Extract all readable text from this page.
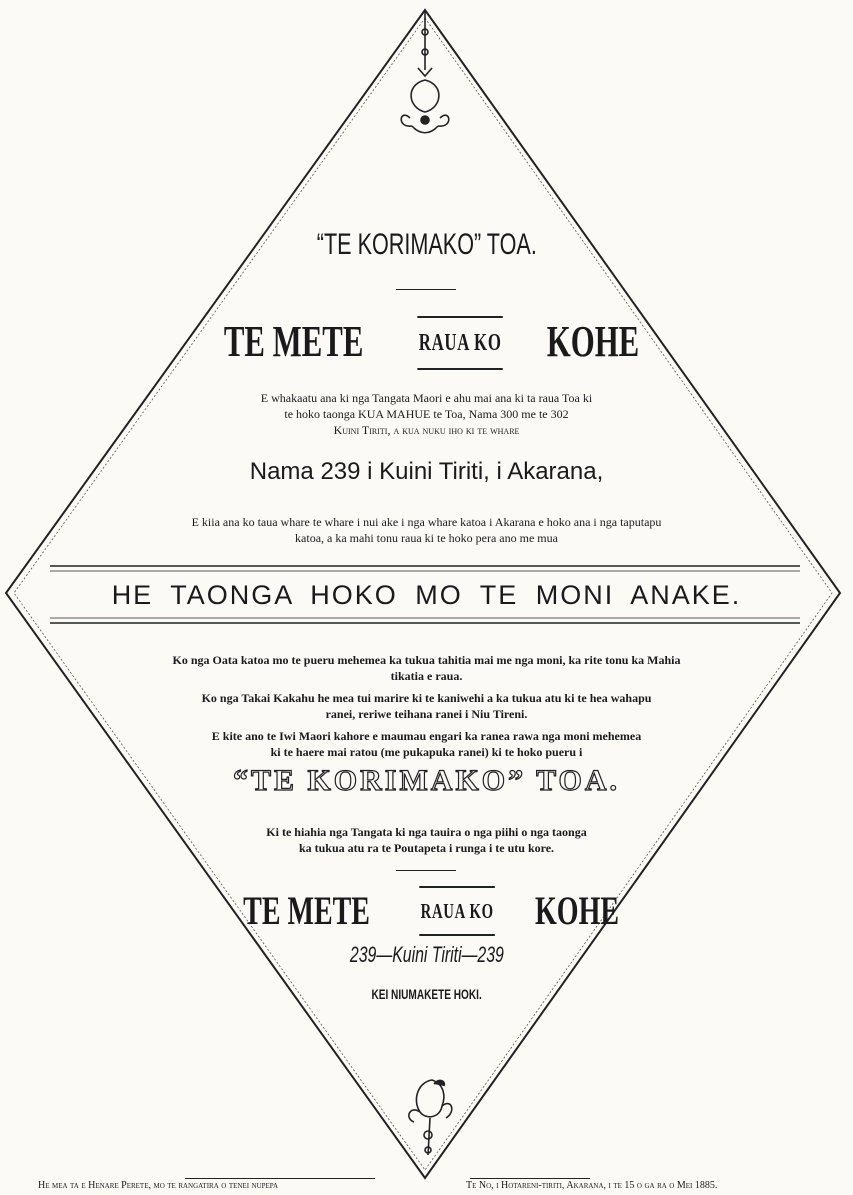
“TE KORIMAKO” TOA.
TE METE RAUA KO KOHE
E whakaatu ana ki nga Tangata Maori e ahu mai ana ki ta raua Toa ki
te hoko taonga KUA MAHUE te Toa, Nama 300 me te 302
Kuini Tiriti, a kua nuku iho ki te whare
Nama 239 i Kuini Tiriti, i Akarana,
E kiia ana ko taua whare te whare i nui ake i nga whare katoa i Akarana e hoko ana i nga taputapu
katoa, a ka mahi tonu raua ki te hoko pera ano me mua
HE TAONGA HOKO MO TE MONI ANAKE.
Ko nga Oata katoa mo te pueru mehemea ka tukua tahitia mai me nga moni, ka rite tonu ka Mahia
tikatia e raua.
Ko nga Takai Kakahu he mea tui marire ki te kaniwehi a ka tukua atu ki te hea wahapu
ranei, reriwe teihana ranei i Niu Tireni.
E kite ano te Iwi Maori kahore e maumau engari ka ranea rawa nga moni mehemea
ki te haere mai ratou (me pukapuka ranei) ki te hoko pueru i
“TE KORIMAKO” TOA.
Ki te hiahia nga Tangata ki nga tauira o nga piihi o nga taonga
ka tukua atu ra te Poutapeta i runga i te utu kore.
TE METE RAUA KO KOHE
239—Kuini Tiriti—239
KEI NIUMAKETE HOKI.
He mea ta e Henare Perete, mo te rangatira o tenei nupepa	Te No, i Hotareni-tiriti, Akarana, i te 15 o ga ra o Mei 1885.
